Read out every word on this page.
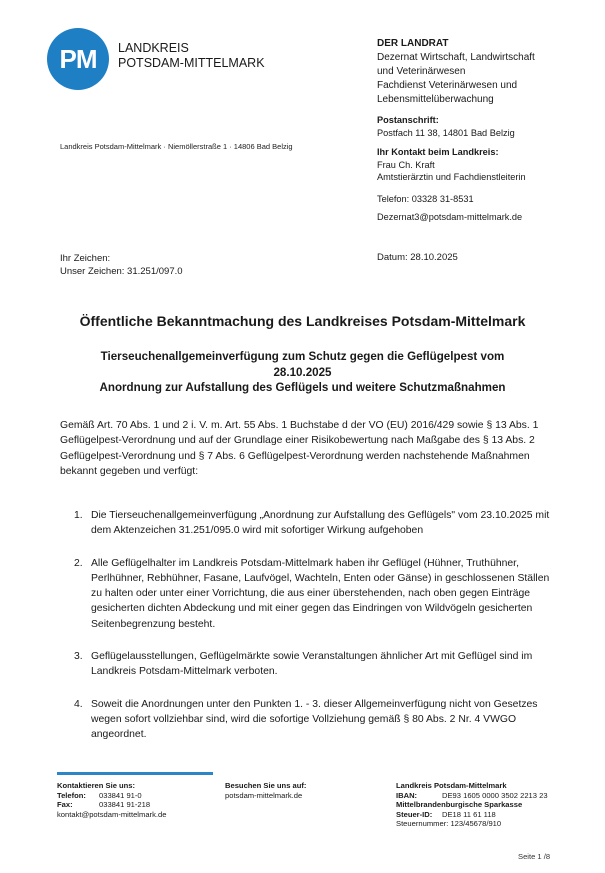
PM	LANDKREIS
POTSDAM-MITTELMARK
Landkreis Potsdam-Mittelmark · Niemöllerstraße 1 · 14806 Bad Belzig
DER LANDRAT
Dezernat Wirtschaft, Landwirtschaft
und Veterinärwesen
Fachdienst Veterinärwesen und
Lebensmittelüberwachung
Postanschrift:
Postfach 11 38, 14801 Bad Belzig
Ihr Kontakt beim Landkreis:
Frau Ch. Kraft
Amtstierärztin und Fachdienstleiterin
Telefon: 03328 31-8531
Dezernat3@potsdam-mittelmark.de
Ihr Zeichen:
Unser Zeichen: 31.251/097.0
Datum: 28.10.2025
Öffentliche Bekanntmachung des Landkreises Potsdam-Mittelmark
Tierseuchenallgemeinverfügung zum Schutz gegen die Geflügelpest vom
28.10.2025
Anordnung zur Aufstallung des Geflügels und weitere Schutzmaßnahmen
Gemäß Art. 70 Abs. 1 und 2 i. V. m. Art. 55 Abs. 1 Buchstabe d der VO (EU) 2016/429 sowie § 13 Abs. 1 Geflügelpest-Verordnung und auf der Grundlage einer Risikobewertung nach Maßgabe des § 13 Abs. 2 Geflügelpest-Verordnung und § 7 Abs. 6 Geflügelpest-Verordnung werden nachstehende Maßnahmen bekannt gegeben und verfügt:
1. Die Tierseuchenallgemeinverfügung „Anordnung zur Aufstallung des Geflügels" vom 23.10.2025 mit dem Aktenzeichen 31.251/095.0 wird mit sofortiger Wirkung aufgehoben
2. Alle Geflügelhalter im Landkreis Potsdam-Mittelmark haben ihr Geflügel (Hühner, Truthühner, Perlhühner, Rebhühner, Fasane, Laufvögel, Wachteln, Enten oder Gänse) in geschlossenen Ställen zu halten oder unter einer Vorrichtung, die aus einer überstehenden, nach oben gegen Einträge gesicherten dichten Abdeckung und mit einer gegen das Eindringen von Wildvögeln gesicherten Seitenbegrenzung besteht.
3. Geflügelausstellungen, Geflügelmärkte sowie Veranstaltungen ähnlicher Art mit Geflügel sind im Landkreis Potsdam-Mittelmark verboten.
4. Soweit die Anordnungen unter den Punkten 1. - 3. dieser Allgemeinverfügung nicht von Gesetzes wegen sofort vollziehbar sind, wird die sofortige Vollziehung gemäß § 80 Abs. 2 Nr. 4 VWGO angeordnet.
Kontaktieren Sie uns:
Telefon: 033841 91-0
Fax:	033841 91-218
kontakt@potsdam-mittelmark.de
Besuchen Sie uns auf:
potsdam-mittelmark.de
Landkreis Potsdam-Mittelmark
IBAN:	DE93 1605 0000 3502 2213 23
Mittelbrandenburgische Sparkasse
Steuer-ID: DE18 11 61 118
Steuernummer: 123/45678/910
Seite 1 /8
